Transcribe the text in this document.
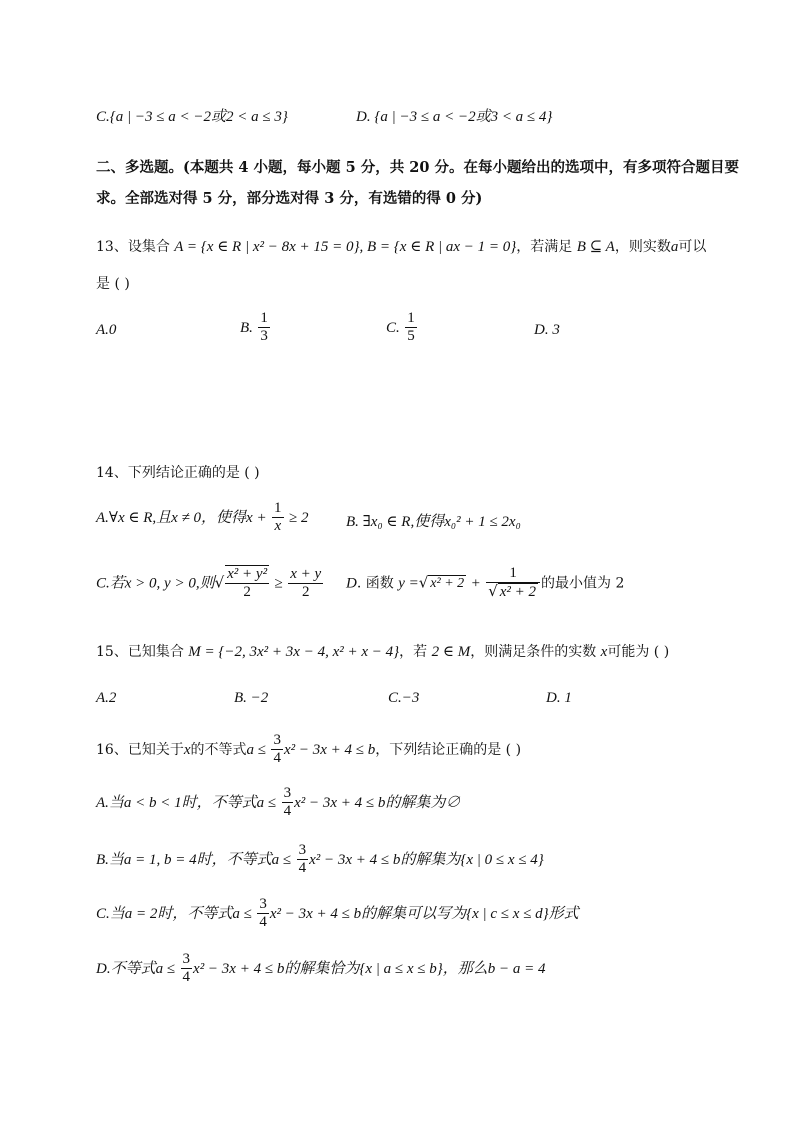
C.{a | −3 ≤ a < −2或2 < a ≤ 3}	D. {a | −3 ≤ a < −2或3 < a ≤ 4}
二、多选题。(本题共 4 小题，每小题 5 分，共 20 分。在每小题给出的选项中，有多项符合题目要
求。全部选对得 5 分，部分选对得 3 分，有选错的得 0 分)
13、设集合 A = {x ∈ R | x² − 8x + 15 = 0}, B = {x ∈ R | ax − 1 = 0}，若满足 B ⊆ A，则实数a可以
是 ( )
A.0	B. $\frac{1}{3}$	C. $\frac{1}{5}$	D. 3
14、下列结论正确的是 ( )
A.∀x ∈ R,且x ≠ 0，使得$x + \frac{1}{x} \ge 2$	B. ∃x₀ ∈ R,使得x₀² + 1 ≤ 2x₀
C.若x > 0, y > 0,则√ $\frac{\text{x² + y²}}{2} \ge \frac{x + y}{2} D$. 函数 y =√ $x^2 + 2 + \frac{1}{\text{√ x² + 2}}$ 的最小值为 2
15、已知集合 M = {−2, 3x² + 3x − 4, x² + x − 4}，若 2 ∈ M，则满足条件的实数 x可能为 ( )
A.2	B. −2	C.−3	D. 1
16、已知关于x的不等式$a \le \frac{3}{4} x^2 - 3x + 4 \le b$，下列结论正确的是 ( )
A.当a < b < 1时，不等式$a \le \frac{3}{4} x^2 - 3x + 4 \le b$的解集为∅
B.当a = 1, b = 4时，不等式$a \le \frac{3}{4} x^2 - 3x + 4 \le b$的解集为{x | 0 ≤ x ≤ 4}
C.当a = 2时，不等式$a \le \frac{3}{4} x^2 - 3x + 4 \le b$的解集可以写为{x | c ≤ x ≤ d}形式
D.不等式$a \le \frac{3}{4} x^2 - 3x + 4 \le b$的解集恰为{x | a ≤ x ≤ b}，那么b − a = 4
